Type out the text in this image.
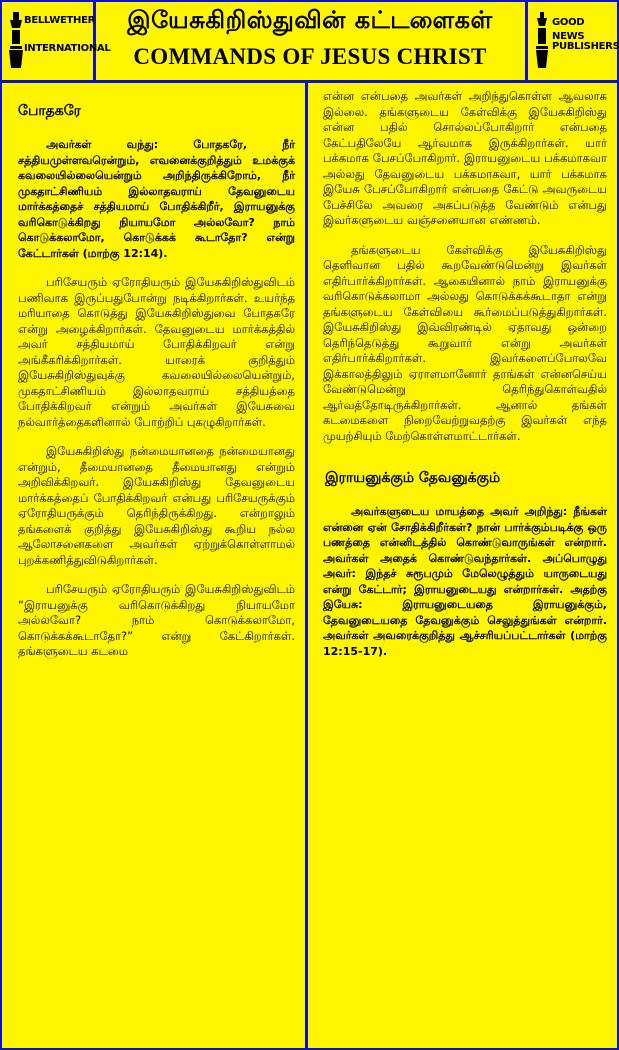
BELLWETHER
INTERNATIONAL
இயேசுகிறிஸ்துவின் கட்டளைகள்
COMMANDS OF JESUS CHRIST
GOOD NEWS
PUBLISHERS
போதகரே

அவர்கள் வந்து: போதகரே, நீர் சத்தியமுள்ளவரென்றும், எவனைக்குறித்தும் உமக்குக் கவலையில்லையென்றும் அறிந்திருக்கிறோம், நீர் முகதாட்சிணியம் இல்லாதவராய் தேவனுடைய மார்க்கத்தைச் சத்தியமாய் போதிக்கிறீர், இராயனுக்கு வரிகொடுக்கிறது நியாயமோ அல்லவோ? நாம் கொடுக்கலாமோ, கொடுக்கக் கூடாதோ? என்று கேட்டார்கள் (மாற்கு 12:14).

பரிசேயரும் ஏரோதியரும் இயேசுகிறிஸ்துவிடம் பணிவாக இருப்பதுபோன்று நடிக்கிறார்கள். உயர்ந்த மரியாதை கொடுத்து இயேசுகிறிஸ்துவை போதகரே என்று அழைக்கிறார்கள். தேவனுடைய மார்க்கத்தில் அவர் சத்தியமாய் போதிக்கிறவர் என்று அங்கீகரிக்கிறார்கள். யாரைக் குறித்தும் இயேசுகிறிஸ்துவுக்கு கவலையில்லையென்றும், முகதாட்சிணியம் இல்லாதவராய் சத்தியத்தை போதிக்கிறவர் என்றும் அவர்கள் இயேசுவை நல்வார்த்தைகளினால் போற்றிப் புகழுகிறார்கள்.

இயேசுகிறிஸ்து நன்மையானதை நன்மையானது என்றும், தீமையானதை தீமையானது என்றும் அறிவிக்கிறவர். இயேசுகிறிஸ்து தேவனுடைய மார்க்கத்தைப் போதிக்கிறவர் என்பது பரிசேயருக்கும் ஏரோதியருக்கும் தெரிந்திருக்கிறது. என்றாலும் தங்களைக் குறித்து இயேசுகிறிஸ்து கூறிய நல்ல ஆலோசனைகளை அவர்கள் ஏற்றுக்கொள்ளாமல் புறக்கணித்துவிடுகிறார்கள்.

பரிசேயரும் ஏரோதியரும் இயேசுகிறிஸ்துவிடம் “இராயனுக்கு வரிகொடுக்கிறது நியாயமோ அல்லவோ? நாம் கொடுக்கலாமோ, கொடுக்கக்கூடாதோ?” என்று கேட்கிறார்கள். தங்களுடைய கடமை

என்ன என்பதை அவர்கள் அறிந்துகொள்ள ஆவலாக இல்லை. தங்களுடைய கேள்விக்கு இயேசுகிறிஸ்து என்ன பதில் சொல்லப்போகிறார் என்பதை கேட்பதிலேயே ஆர்வமாக இருக்கிறார்கள். யார் பக்கமாக பேசப்போகிறார். இராயனுடைய பக்கமாகவா அல்லது தேவனுடைய பக்கமாகவா, யார் பக்கமாக இயேசு பேசப்போகிறார் என்பதை கேட்டு அவருடைய பேச்சிலே அவரை அகப்படுத்த வேண்டும் என்பது இவர்களுடைய வஞ்சனையான எண்ணம்.

தங்களுடைய கேள்விக்கு இயேசுகிறிஸ்து தெளிவான பதில் கூறவேண்டுமென்று இவர்கள் எதிர்பார்க்கிறார்கள். ஆகையினால் நாம் இராயனுக்கு வரிகொடுக்கலாமா அல்லது கொடுக்கக்கூடாதா என்று தங்களுடைய கேள்வியை கூர்மைப்படுத்துகிறார்கள். இயேசுகிறிஸ்து இவ்விரண்டில் ஏதாவது ஒன்றை தெரிந்தெடுத்து கூறுவார் என்று அவர்கள் எதிர்பார்க்கிறார்கள். இவர்களைப்போலவே இக்காலத்திலும் ஏராளமானோர் தாங்கள் என்னசெய்ய வேண்டுமென்று தெரிந்துகொள்வதில் ஆர்வத்தோடிருக்கிறார்கள். ஆனால் தங்கள் கடமைகளை நிறைவேற்றுவதற்கு இவர்கள் எந்த முயற்சியும் மேற்கொள்ளமாட்டார்கள்.

இராயனுக்கும் தேவனுக்கும்

அவர்களுடைய மாயத்தை அவர் அறிந்து: நீங்கள் என்னை ஏன் சோதிக்கிறீர்கள்? நான் பார்க்கும்படிக்கு ஒரு பணத்தை என்னிடத்தில் கொண்டுவாருங்கள் என்றார். அவர்கள் அதைக் கொண்டுவந்தார்கள். அப்பொழுது அவர்: இந்தச் சுரூபமும் மேலெழுத்தும் யாருடையது என்று கேட்டார்; இராயனுடையது என்றார்கள். அதற்கு இயேசு: இராயனுடையதை இராயனுக்கும், தேவனுடையதை தேவனுக்கும் செலுத்துங்கள் என்றார். அவர்கள் அவரைக்குறித்து ஆச்சரியப்பட்டார்கள் (மாற்கு 12:15-17).
